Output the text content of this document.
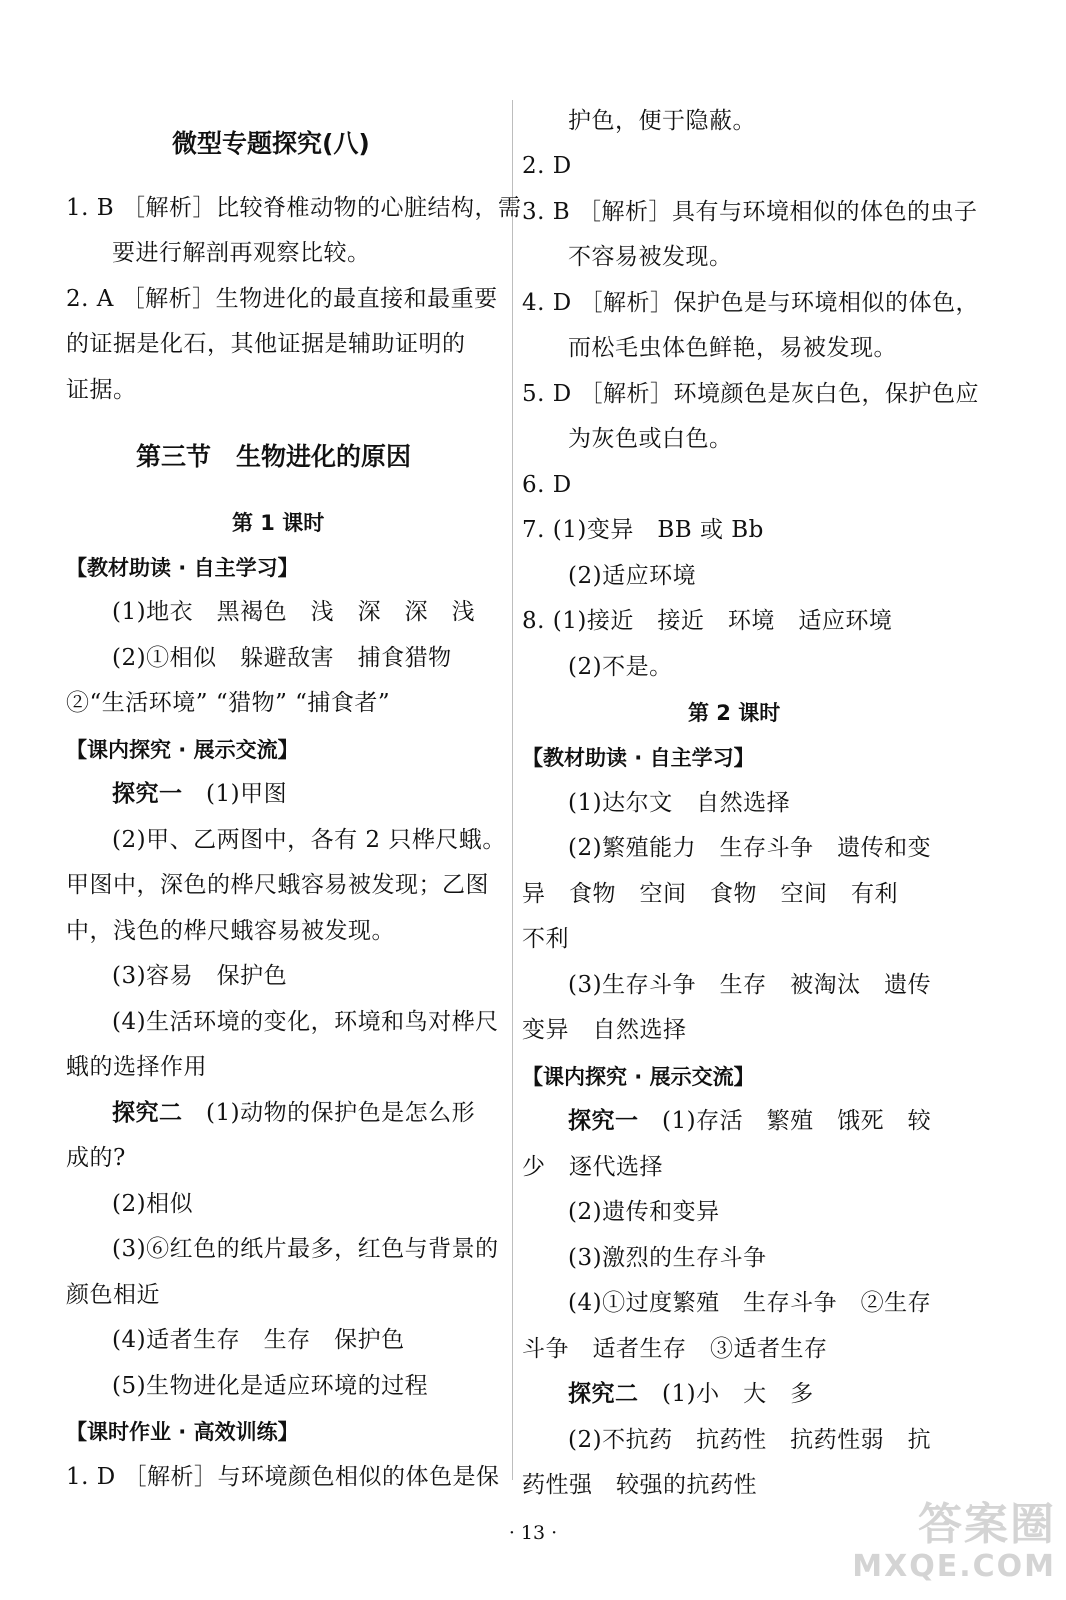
微型专题探究(八)
1. B ［解析］比较脊椎动物的心脏结构，需
要进行解剖再观察比较。
2. A ［解析］生物进化的最直接和最重要
的证据是化石，其他证据是辅助证明的
证据。
第三节　生物进化的原因
第 1 课时
【教材助读 · 自主学习】
(1)地衣　黑褐色　浅　深　深　浅
(2)①相似　躲避敌害　捕食猎物
②“生活环境” “猎物” “捕食者”
【课内探究 · 展示交流】
探究一　 (1)甲图
(2)甲、乙两图中，各有 2 只桦尺蛾。
甲图中，深色的桦尺蛾容易被发现；乙图
中，浅色的桦尺蛾容易被发现。
(3)容易　保护色
(4)生活环境的变化，环境和鸟对桦尺
蛾的选择作用
探究二　 (1)动物的保护色是怎么形
成的?
(2)相似
(3)⑥红色的纸片最多，红色与背景的
颜色相近
(4)适者生存　生存　保护色
(5)生物进化是适应环境的过程
【课时作业 · 高效训练】
1. D ［解析］与环境颜色相似的体色是保
护色，便于隐蔽。
2. D
3. B ［解析］具有与环境相似的体色的虫子
不容易被发现。
4. D ［解析］保护色是与环境相似的体色，
而松毛虫体色鲜艳，易被发现。
5. D ［解析］环境颜色是灰白色，保护色应
为灰色或白色。
6. D
7. (1)变异　BB 或 Bb
(2)适应环境
8. (1)接近　接近　环境　适应环境
(2)不是。
第 2 课时
【教材助读 · 自主学习】
(1)达尔文　自然选择
(2)繁殖能力　生存斗争　遗传和变
异　食物　空间　食物　空间　有利
不利
(3)生存斗争　生存　被淘汰　遗传
变异　自然选择
【课内探究 · 展示交流】
探究一　 (1)存活　繁殖　饿死　较
少　逐代选择
(2)遗传和变异
(3)激烈的生存斗争
(4)①过度繁殖　生存斗争　②生存
斗争　适者生存　③适者生存
探究二　 (1)小　大　多
(2)不抗药　抗药性　抗药性弱　抗
药性强　较强的抗药性
· 13 ·	答案圈
MXQE.COM
